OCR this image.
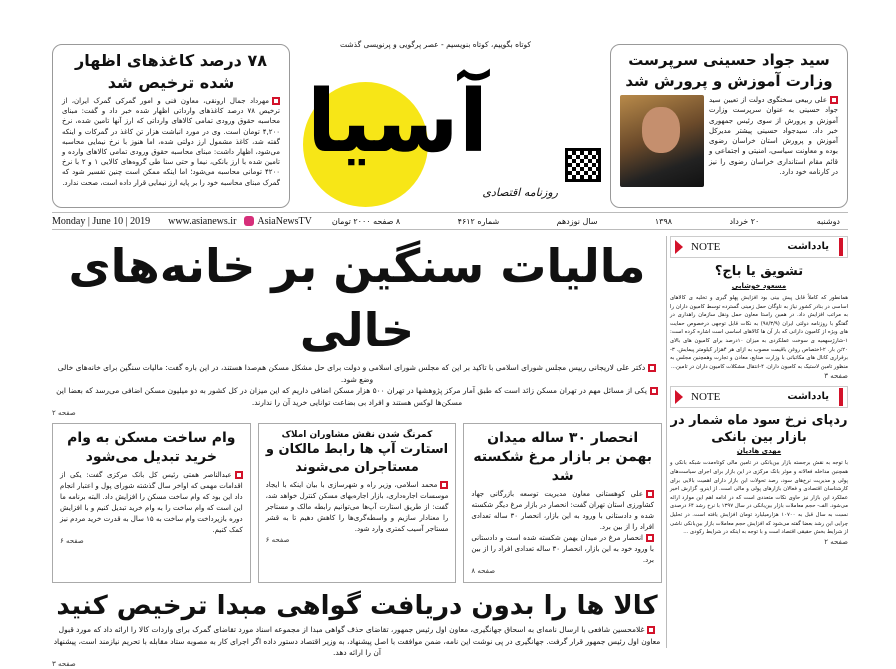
۷۸ درصد کاغذهای اظهار شده ترخیص شد
مهرداد جمال ارونقی، معاون فنی و امور گمرکی گمرک ایران، از ترخیص ۷۸ درصد کاغذهای وارداتی اظهار شده خبر داد و گفت: مبنای محاسبه حقوق ورودی تمامی کالاهای وارداتی که ارز آنها تامین شده، نرخ ۴,۲۰۰ تومان است. وی در مورد انباشت هزار تن کاغذ در گمرکات و اینکه گفته شد، کاغذ مشمول ارز دولتی شده، اما هنوز با نرخ نیمایی محاسبه می‌شود، اظهار داشت: مبنای محاسبه حقوق ورودی تمامی کالاهای وارده و تامین شده با ارز بانکی، نیما و حتی سنا طی گروه‌های کالایی ۱ و ۲ با نرخ ۴۲۰۰ تومانی محاسبه می‌شود؛ اما اینکه ممکن است چنین تفسیر شود که گمرک مبنای محاسبه خود را بر پایه ارز نیمایی قرار داده است، صحت ندارد.
کوتاه بگوییم، کوتاه بنویسیم - عصر پرگویی و پرنویسی گذشت
آسیا
روزنامه اقتصادی
سید جواد حسینی سرپرست وزارت آموزش و پرورش شد
علی ربیعی سخنگوی دولت از تعیین سید جواد حسینی به عنوان سرپرست وزارت آموزش و پرورش از سوی رئیس جمهوری خبر داد. سیدجواد حسینی پیشتر مدیرکل آموزش و پرورش استان خراسان رضوی بوده و معاونت سیاسی، امنیتی و اجتماعی و قائم مقام استانداری خراسان رضوی را نیز در کارنامه خود دارد.
Monday | June 10 | 2019 www.asianews.ir AsiaNewsTV	دوشنبه
۲۰ خرداد
۱۳۹۸
سال نوزدهم
شماره ۴۶۱۲
۸ صفحه ۲۰۰۰ تومان
مالیات سنگین بر خانه‌های خالی
دکتر علی لاریجانی رییس مجلس شورای اسلامی با تاکید بر این که مجلس شورای اسلامی و دولت برای حل مشکل مسکن هم‌صدا هستند، در این باره گفت: مالیات سنگین برای خانه‌های خالی وضع شود.
یکی از مسائل مهم در تهران مسکن زائد است که طبق آمار مرکز پژوهشها در تهران ۵۰۰ هزار مسکن اضافی داریم که این میزان در کل کشور به دو میلیون مسکن اضافی می‌رسد که بعضا این مسکن‌ها لوکس هستند و افراد بی بضاعت توانایی خرید آن را ندارند.
صفحه ۲
انحصار ۳۰ ساله میدان بهمن بر بازار مرغ شکسته شد
علی کوهستانی معاون مدیریت توسعه بازرگانی جهاد کشاورزی استان تهران گفت: انحصار در بازار مرغ دیگر شکسته شده و دادستانی با ورود به این بازار، انحصار ۳۰ ساله تعدادی افراد را از بین برد.
انحصار مرغ در میدان بهمن شکسته شده است و دادستانی با ورود خود به این بازار، انحصار ۳۰ ساله تعدادی افراد را از بین برد.
صفحه ۸
کمرنگ شدن نقش مشاوران املاک
استارت آپ ها رابط مالکان و مستاجران می‌شوند
محمد اسلامی، وزیر راه و شهرسازی با بیان اینکه با ایجاد موسسات اجاره‌داری، بازار اجاره‌بهای مسکن کنترل خواهد شد، گفت: از طریق استارت آپ‌ها می‌توانیم رابطه مالک و مستاجر را معنادار سازیم و واسطه‌گری‌ها را کاهش دهیم تا به قشر مستاجر آسیب کمتری وارد شود.
صفحه ۶
وام ساخت مسکن به وام خرید تبدیل می‌شود
عبدالناصر همتی رئیس کل بانک مرکزی گفت: یکی از اقدامات مهمی که اواخر سال گذشته شورای پول و اعتبار انجام داد این بود که وام ساخت مسکن را افزایش داد. البته برنامه ما این است که وام ساخت را به وام خرید تبدیل کنیم و با افزایش دوره بازپرداخت وام ساخت به ۱۵ سال به قدرت خرید مردم نیز کمک کنیم.
صفحه ۶
کالا ها را بدون دریافت گواهی مبدا ترخیص کنید
غلامحسین شافعی با ارسال نامه‌ای به اسحاق جهانگیری، معاون اول رئیس جمهور، تقاضای حذف گواهی مبدا از مجموعه اسناد مورد تقاضای گمرک برای واردات کالا را ارائه داد که مورد قبول معاون اول رئیس جمهور قرار گرفت. جهانگیری در پی نوشت این نامه، ضمن موافقت با اصل پیشنهاد، به وزیر اقتصاد دستور داده اگر اجرای کار به مصوبه ستاد مقابله با تحریم نیازمند است، پیشنهاد آن را ارائه دهد.
صفحه ۳
یادداشت
NOTE
تشویق یا باج؟
مسعود خوشابی
همانطور که کاملاً قابل پیش بینی بود افزایش پهلو گیری و تخلیه ی کالاهای اساسی در بنادر کشور نیاز به ناوگان حمل زمینی گسترده توسط کامیون داران را به مراتب افزایش داد. در همین راستا معاون حمل ونقل سازمان راهداری در گفتگو با روزنامه دولتی ایران (۹۸/۳/۹) به نکات قابل توجهی درخصوص حمایت های ویژه از کامیون دارانی که بار آن ها کالاهای اساسی است اشاره کرده است: ۱-شارژسهمیه ی سوخت عملکردی به میزان ۱۰درصد برای کامیون های بالای ۲۰تن بار. ۲-اختصاص روغن باقیمت مصوب به ازای هر ۴هزار کیلومتر پیمایش. ۳-برقراری کانال های مکاتباتی با وزارت صنایع، معادن و تجارت وهمچنین مجلس به منظور تامین لاستیک به کامیون داران. ۴-انتقال مشکلات کامیون داران در تامین...
صفحه ۳
یادداشت
NOTE
ردپای نرخ سود ماه شمار در بازار بین بانکی
مهدی هادیان
با توجه به نقش برجسته بازار بین‌بانکی در تامین مالی کوتاه‌مدت شبکه بانکی و همچنین مداخله فعالانه و موثر بانک مرکزی در این بازار برای اجرای سیاست‌های پولی و مدیریت نرخ‌های سود، رصد تحولات این بازار دارای اهمیت بالایی برای کارشناسان اقتصادی و فعالان بازارهای پولی و مالی است. از اینرو، گزارش اخیر عملکرد این بازار نیز حاوی نکات متعددی است که در ادامه اهم این موارد ارائه می‌شود. الف- حجم معاملات بازار بین‌بانکی در سال ۱۳۹۷ با نرخ رشد ۶۴ درصدی نسبت به سال قبل به ۱۰۷۰۰ هزارمیلیارد تومان افزایش یافته است. در تحلیل چرایی این رشد بعضا گفته می‌شود که افزایش حجم معاملات بازار بین‌بانکی ناشی از شرایط بخش حقیقی اقتصاد است و با توجه به اینکه در شرایط رکودی ...
صفحه ۲
